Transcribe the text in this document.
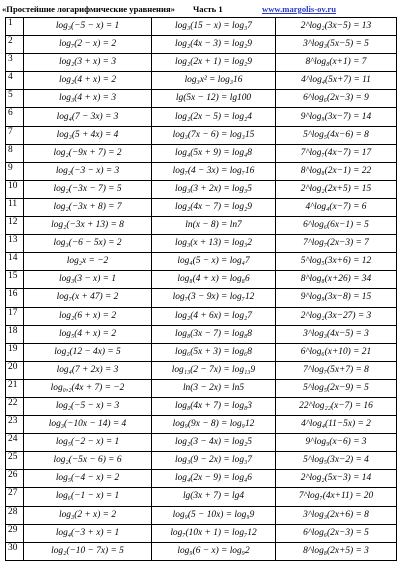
«Простейшие логарифмические уравнения» Часть 1	www.margolis-ov.ru
1	log₃(−5 − x) = 1	log₃(15 − x) = log₃7	2^log₂(3x−5) = 13
2	log₇(2 − x) = 2	log₂(4x − 3) = log₂9	3^log₃(5x−5) = 5
3	log₂(3 + x) = 3	log₂(2x + 1) = log₂9	8^log₈(x+1) = 7
4	log₂(4 + x) = 2	log₃x² = log₃16	4^log₄(5x+7) = 11
5	log₃(4 + x) = 3	lg(5x − 12) = lg100	6^log₆(2x−3) = 9
6	log₄(7 − 3x) = 3	log₂(2x − 5) = log₂4	9^log₉(3x−7) = 14
7	log₃(5 + 4x) = 4	log₃(7x − 6) = log₃15	5^log₅(4x−6) = 8
8	log₂(−9x + 7) = 2	log₄(5x + 9) = log₄8	7^log₇(4x−7) = 17
9	log₂(−3 − x) = 3	log₇(4 − 3x) = log₇16	8^log₈(2x−1) = 22
10	log₂(−3x − 7) = 5	log₃(3 + 2x) = log₃5	2^log₂(2x+5) = 15
11	log₂(−3x + 8) = 7	log₂(4x − 7) = log₂9	4^log₄(x−7) = 6
12	log₂(−3x + 13) = 8	ln(x − 8) = ln7	6^log₆(6x−1) = 5
13	log₃(−6 − 5x) = 2	log₃(x + 13) = log₃2	7^log₇(2x−3) = 7
14	log₂x = −2	log₄(5 − x) = log₄7	5^log₅(3x+6) = 12
15	log₃(3 − x) = 1	log₈(4 + x) = log₈6	8^log₈(x+26) = 34
16	log₇(x + 47) = 2	log₇(3 − 9x) = log₇12	9^log₉(3x−8) = 15
17	log₂(6 + x) = 2	log₂(4 + 6x) = log₂7	2^log₂(3x−27) = 3
18	log₅(4 + x) = 2	log₈(3x − 7) = log₈8	3^log₃(4x−5) = 3
19	log₂(12 − 4x) = 5	log₆(5x + 3) = log₆8	6^log₆(x+10) = 21
20	log₄(7 + 2x) = 3	log₁₃(2 − 7x) = log₁₃9	7^log₇(5x+7) = 8
21	log₀,₂(4x + 7) = −2	ln(3 − 2x) = ln5	5^log₅(2x−9) = 5
22	log₂(−5 − x) = 3	log₈(4x + 7) = log₈3	22^log₂₂(x−7) = 16
23	log₃(−10x − 14) = 4	log₉(9x − 8) = log₉12	4^log₄(11−5x) = 2
24	log₅(−2 − x) = 1	log₂(3 − 4x) = log₂5	9^log₉(x−6) = 3
25	log₂(−5x − 6) = 6	log₃(9 − 2x) = log₃7	5^log₅(3x−2) = 4
26	log₅(−4 − x) = 2	log₄(2x − 9) = log₄6	2^log₂(5x−3) = 14
27	log₆(−1 − x) = 1	lg(3x + 7) = lg4	7^log₇(4x+11) = 20
28	log₃(2 + x) = 2	log₉(5 − 10x) = log₉9	3^log₃(2x+6) = 8
29	log₄(−3 + x) = 1	log₇(10x + 1) = log₇12	6^log₆(2x−3) = 5
30	log₂(−10 − 7x) = 5	log₉(6 − x) = log₉2	8^log₈(2x+5) = 3
